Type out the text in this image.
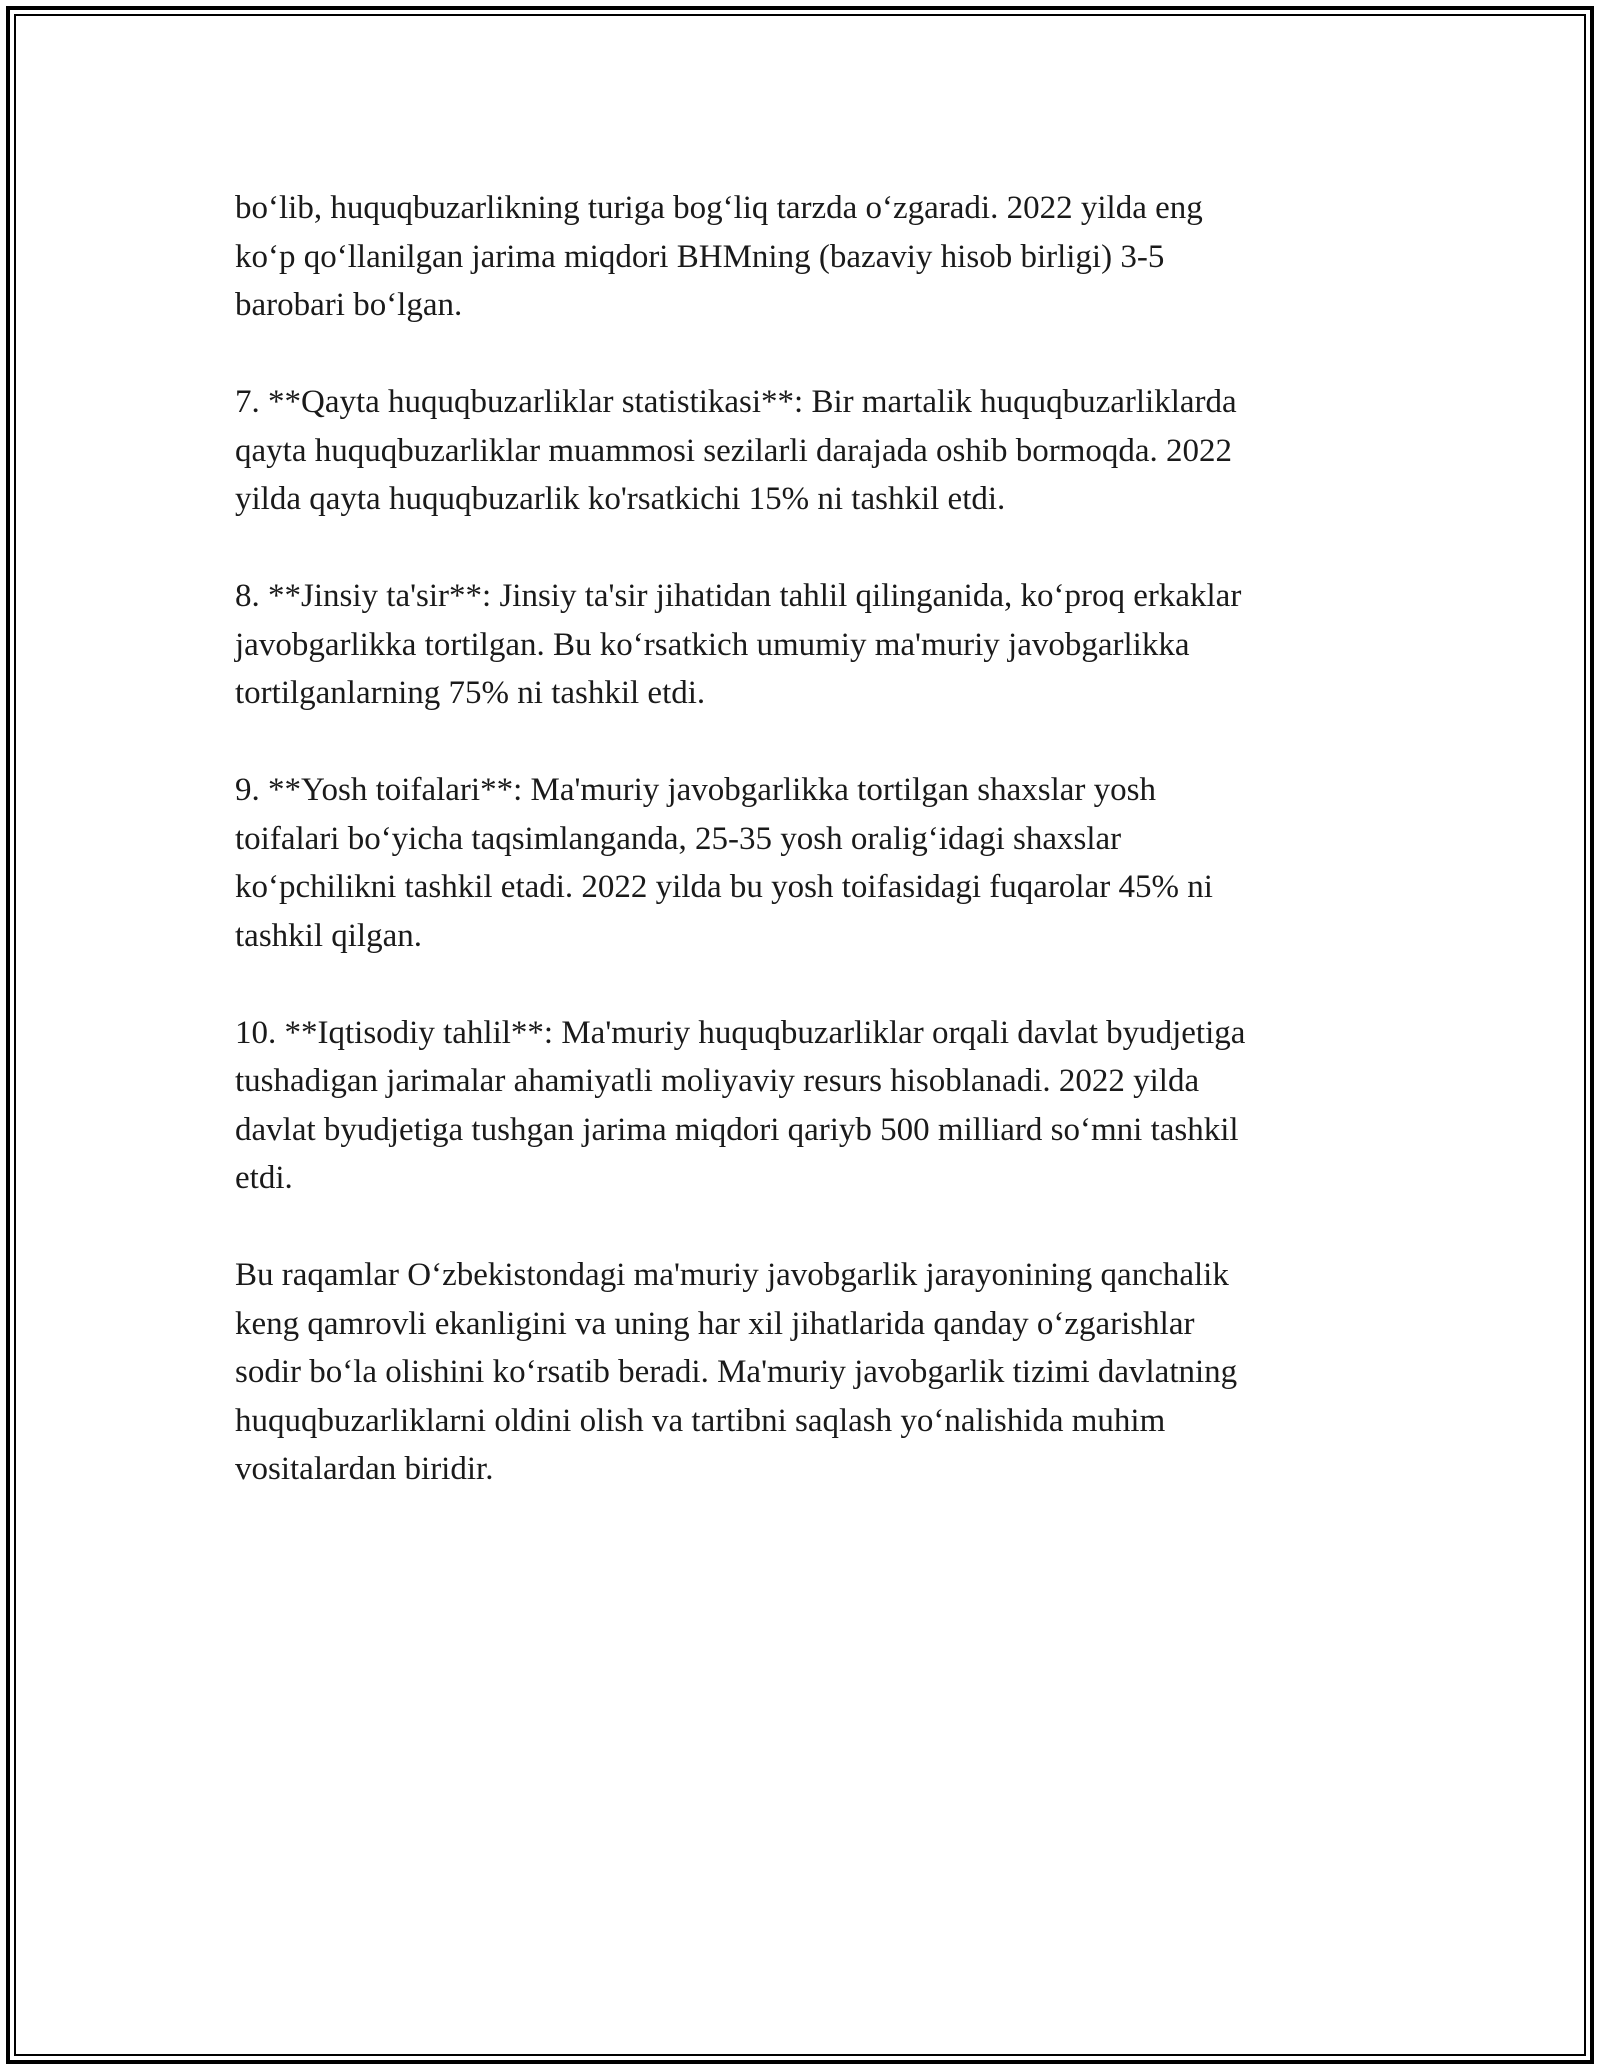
bo‘lib, huquqbuzarlikning turiga bog‘liq tarzda o‘zgaradi. 2022 yilda eng
ko‘p qo‘llanilgan jarima miqdori BHMning (bazaviy hisob birligi) 3-5
barobari bo‘lgan.

7. **Qayta huquqbuzarliklar statistikasi**: Bir martalik huquqbuzarliklarda
qayta huquqbuzarliklar muammosi sezilarli darajada oshib bormoqda. 2022
yilda qayta huquqbuzarlik ko'rsatkichi 15% ni tashkil etdi.

8. **Jinsiy ta'sir**: Jinsiy ta'sir jihatidan tahlil qilinganida, ko‘proq erkaklar
javobgarlikka tortilgan. Bu ko‘rsatkich umumiy ma'muriy javobgarlikka
tortilganlarning 75% ni tashkil etdi.

9. **Yosh toifalari**: Ma'muriy javobgarlikka tortilgan shaxslar yosh
toifalari bo‘yicha taqsimlanganda, 25-35 yosh oralig‘idagi shaxslar
ko‘pchilikni tashkil etadi. 2022 yilda bu yosh toifasidagi fuqarolar 45% ni
tashkil qilgan.

10. **Iqtisodiy tahlil**: Ma'muriy huquqbuzarliklar orqali davlat byudjetiga
tushadigan jarimalar ahamiyatli moliyaviy resurs hisoblanadi. 2022 yilda
davlat byudjetiga tushgan jarima miqdori qariyb 500 milliard so‘mni tashkil
etdi.

Bu raqamlar O‘zbekistondagi ma'muriy javobgarlik jarayonining qanchalik
keng qamrovli ekanligini va uning har xil jihatlarida qanday o‘zgarishlar
sodir bo‘la olishini ko‘rsatib beradi. Ma'muriy javobgarlik tizimi davlatning
huquqbuzarliklarni oldini olish va tartibni saqlash yo‘nalishida muhim
vositalardan biridir.
